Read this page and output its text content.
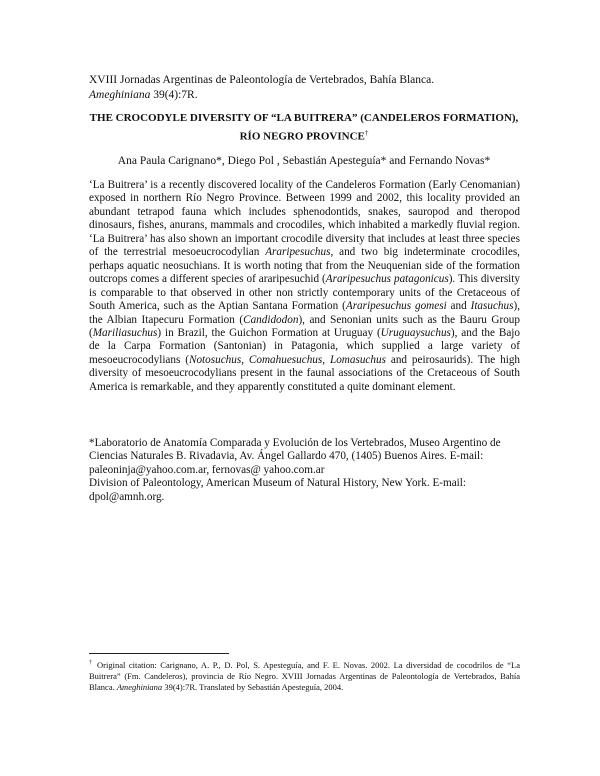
XVIII Jornadas Argentinas de Paleontología de Vertebrados, Bahía Blanca.
Ameghiniana 39(4):7R.
THE CROCODYLE DIVERSITY OF “LA BUITRERA” (CANDELEROS FORMATION), RÍO NEGRO PROVINCE†
Ana Paula Carignano*, Diego Pol , Sebastián Apesteguía* and Fernando Novas*
‘La Buitrera’ is a recently discovered locality of the Candeleros Formation (Early Cenomanian) exposed in northern Río Negro Province. Between 1999 and 2002, this locality provided an abundant tetrapod fauna which includes sphenodontids, snakes, sauropod and theropod dinosaurs, fishes, anurans, mammals and crocodiles, which inhabited a markedly fluvial region. ‘La Buitrera’ has also shown an important crocodile diversity that includes at least three species of the terrestrial mesoeucrocodylian Araripesuchus, and two big indeterminate crocodiles, perhaps aquatic neosuchians. It is worth noting that from the Neuquenian side of the formation outcrops comes a different species of araripesuchid (Araripesuchus patagonicus). This diversity is comparable to that observed in other non strictly contemporary units of the Cretaceous of South America, such as the Aptian Santana Formation (Araripesuchus gomesi and Itasuchus), the Albian Itapecuru Formation (Candidodon), and Senonian units such as the Bauru Group (Mariliasuchus) in Brazil, the Guichon Formation at Uruguay (Uruguaysuchus), and the Bajo de la Carpa Formation (Santonian) in Patagonia, which supplied a large variety of mesoeucrocodylians (Notosuchus, Comahuesuchus, Lomasuchus and peirosaurids). The high diversity of mesoeucrocodylians present in the faunal associations of the Cretaceous of South America is remarkable, and they apparently constituted a quite dominant element.

*Laboratorio de Anatomía Comparada y Evolución de los Vertebrados, Museo Argentino de Ciencias Naturales B. Rivadavia, Av. Ángel Gallardo 470, (1405) Buenos Aires. E-mail: paleoninja@yahoo.com.ar, fernovas@ yahoo.com.ar

Division of Paleontology, American Museum of Natural History, New York. E-mail: dpol@amnh.org.

† Original citation: Carignano, A. P., D. Pol, S. Apesteguía, and F. E. Novas. 2002. La diversidad de cocodrilos de “La Buitrera” (Fm. Candeleros), provincia de Río Negro. XVIII Jornadas Argentinas de Paleontología de Vertebrados, Bahía Blanca. Ameghiniana 39(4):7R. Translated by Sebastián Apesteguía, 2004.
